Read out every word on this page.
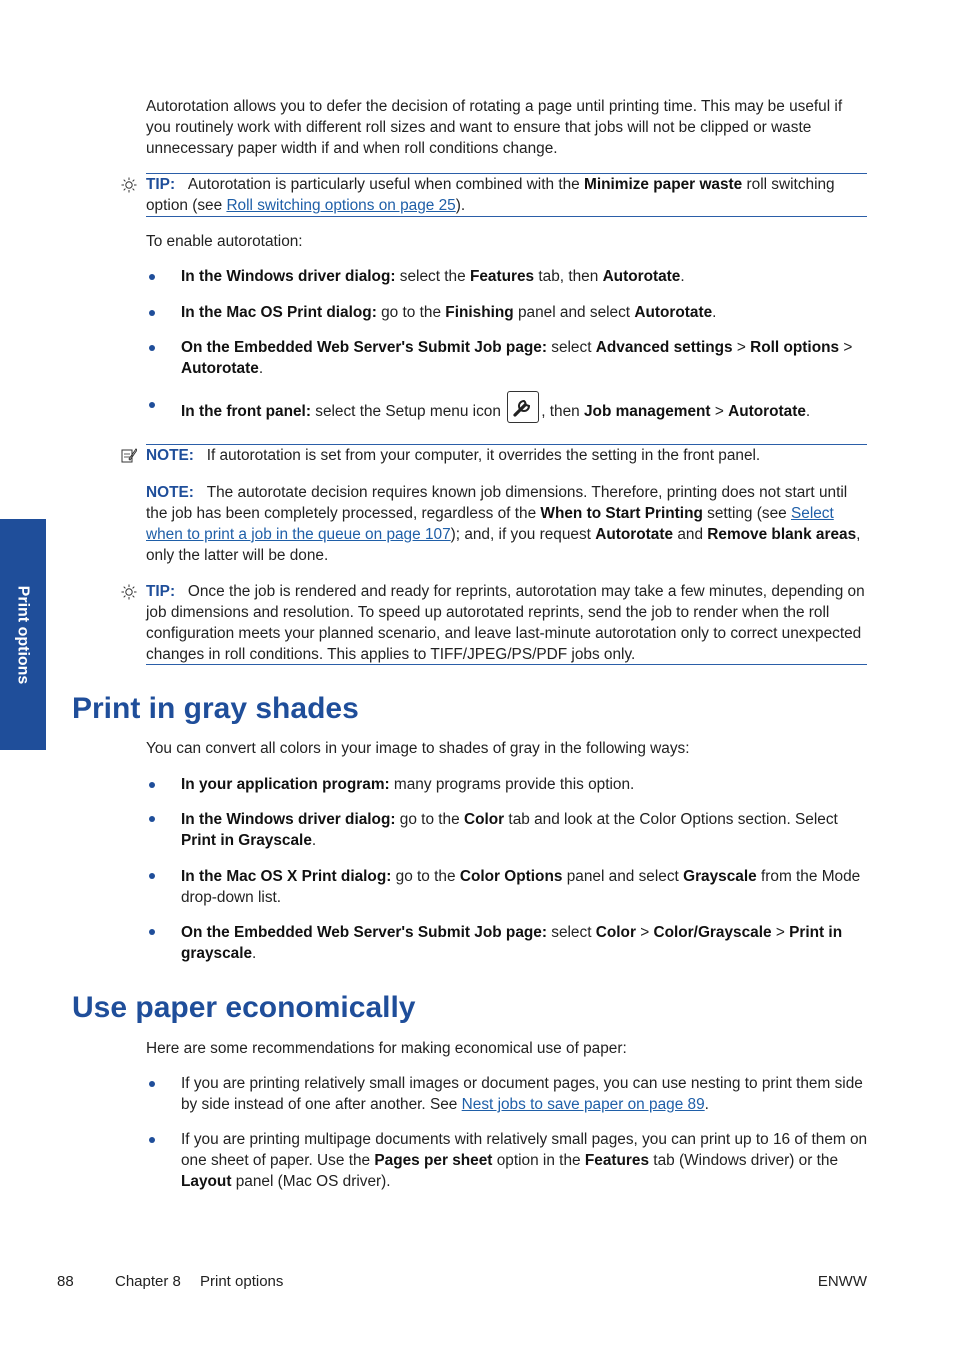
Print options

Autorotation allows you to defer the decision of rotating a page until printing time. This may be useful if you routinely work with different roll sizes and want to ensure that jobs will not be clipped or waste unnecessary paper width if and when roll conditions change.

TIP: Autorotation is particularly useful when combined with the Minimize paper waste roll switching option (see Roll switching options on page 25).

To enable autorotation:

In the Windows driver dialog: select the Features tab, then Autorotate.

In the Mac OS Print dialog: go to the Finishing panel and select Autorotate.

On the Embedded Web Server's Submit Job page: select Advanced settings > Roll options > Autorotate.

In the front panel: select the Setup menu icon , then Job management > Autorotate.

NOTE: If autorotation is set from your computer, it overrides the setting in the front panel.

NOTE: The autorotate decision requires known job dimensions. Therefore, printing does not start until the job has been completely processed, regardless of the When to Start Printing setting (see Select when to print a job in the queue on page 107); and, if you request Autorotate and Remove blank areas, only the latter will be done.

TIP: Once the job is rendered and ready for reprints, autorotation may take a few minutes, depending on job dimensions and resolution. To speed up autorotated reprints, send the job to render when the roll configuration meets your planned scenario, and leave last-minute autorotation only to correct unexpected changes in roll conditions. This applies to TIFF/JPEG/PS/PDF jobs only.

Print in gray shades

You can convert all colors in your image to shades of gray in the following ways:

In your application program: many programs provide this option.

In the Windows driver dialog: go to the Color tab and look at the Color Options section. Select Print in Grayscale.

In the Mac OS X Print dialog: go to the Color Options panel and select Grayscale from the Mode drop-down list.

On the Embedded Web Server's Submit Job page: select Color > Color/Grayscale > Print in grayscale.

Use paper economically

Here are some recommendations for making economical use of paper:

If you are printing relatively small images or document pages, you can use nesting to print them side by side instead of one after another. See Nest jobs to save paper on page 89.

If you are printing multipage documents with relatively small pages, you can print up to 16 of them on one sheet of paper. Use the Pages per sheet option in the Features tab (Windows driver) or the Layout panel (Mac OS driver).

88	Chapter 8 Print options	ENWW
